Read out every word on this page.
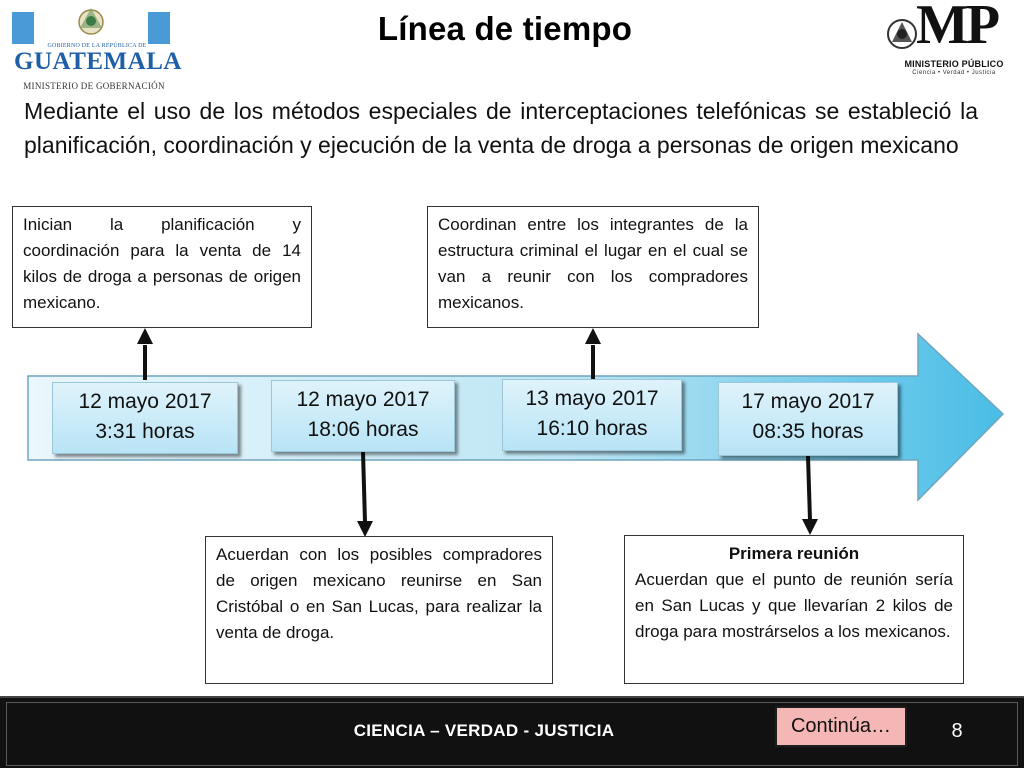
GOBIERNO DE LA REPÚBLICA DE
GUATEMALA
MINISTERIO DE GOBERNACIÓN
Línea de tiempo	MP
MINISTERIO PÚBLICO
Ciencia • Verdad • Justicia
Mediante el uso de los métodos especiales de interceptaciones telefónicas se estableció la planificación, coordinación y ejecución de la venta de droga a personas de origen mexicano
12 mayo 2017
3:31 horas
12 mayo 2017
18:06 horas
13 mayo 2017
16:10 horas
17 mayo 2017
08:35 horas
Inician la planificación y coordinación para la venta de 14 kilos de droga a personas de origen mexicano.
Acuerdan con los posibles compradores de origen mexicano reunirse en San Cristóbal o en San Lucas, para realizar la venta de droga.
Coordinan entre los integrantes de la estructura criminal el lugar en el cual se van a reunir con los compradores mexicanos.
Primera reunión
Acuerdan que el punto de reunión sería en San Lucas y que llevarían 2 kilos de droga para mostrárselos a los mexicanos.
CIENCIA – VERDAD - JUSTICIA	Continúa…	8
